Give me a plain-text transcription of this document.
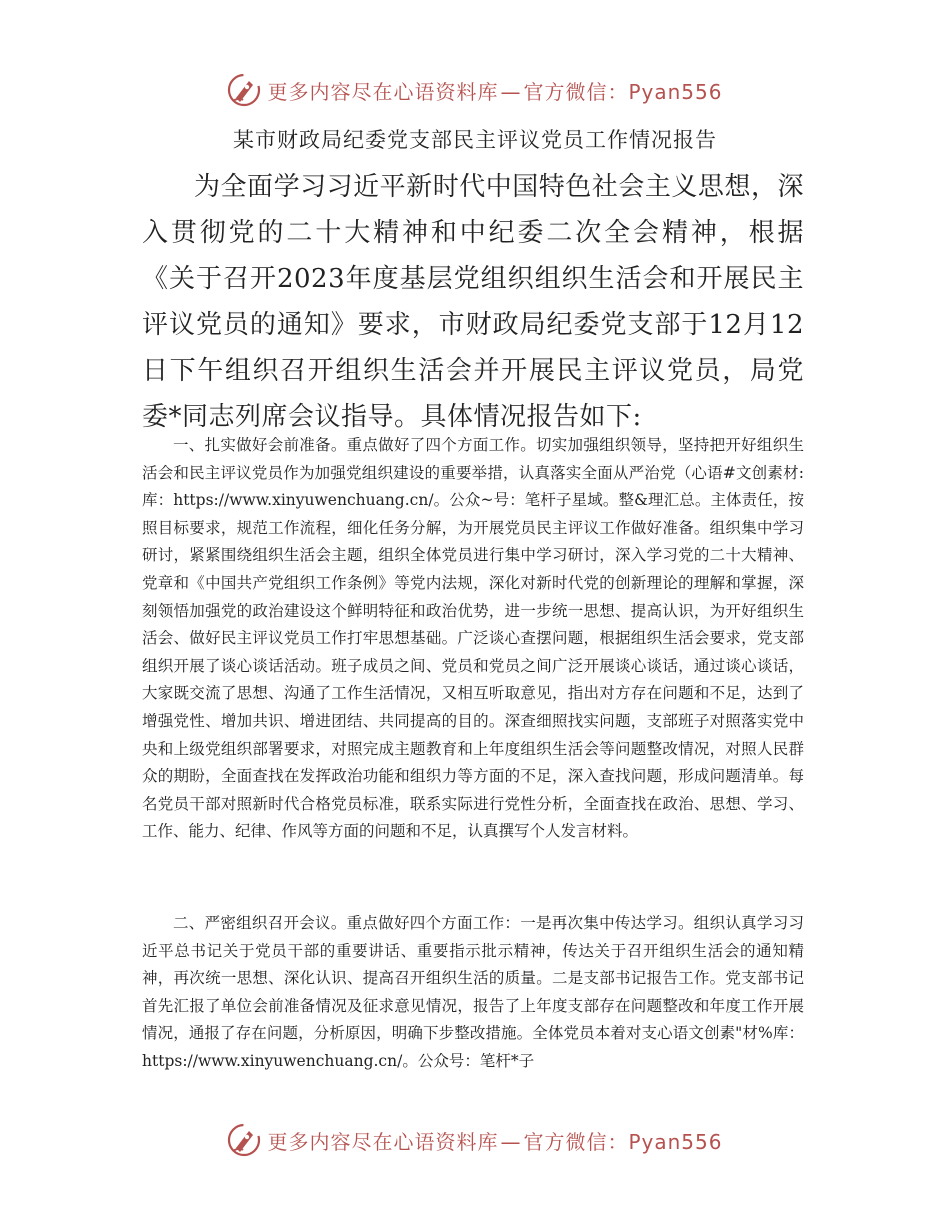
更多内容尽在心语资料库 — 官方微信：Pyan556
某市财政局纪委党支部民主评议党员工作情况报告
为全面学习习近平新时代中国特色社会主义思想，深入贯彻党的二十大精神和中纪委二次全会精神，根据《关于召开2023年度基层党组织组织生活会和开展民主评议党员的通知》要求，市财政局纪委党支部于12月12日下午组织召开组织生活会并开展民主评议党员，局党委*同志列席会议指导。具体情况报告如下:

一、扎实做好会前准备。重点做好了四个方面工作。切实加强组织领导，坚持把开好组织生活会和民主评议党员作为加强党组织建设的重要举措，认真落实全面从严治党（心语#文创素材:库：https://www.xinyuwenchuang.cn/。公众~号：笔杆子星域。整&理汇总。主体责任，按照目标要求，规范工作流程，细化任务分解，为开展党员民主评议工作做好准备。组织集中学习研讨，紧紧围绕组织生活会主题，组织全体党员进行集中学习研讨，深入学习党的二十大精神、党章和《中国共产党组织工作条例》等党内法规，深化对新时代党的创新理论的理解和掌握，深刻领悟加强党的政治建设这个鲜明特征和政治优势，进一步统一思想、提高认识，为开好组织生活会、做好民主评议党员工作打牢思想基础。广泛谈心查摆问题，根据组织生活会要求，党支部组织开展了谈心谈话活动。班子成员之间、党员和党员之间广泛开展谈心谈话，通过谈心谈话，大家既交流了思想、沟通了工作生活情况，又相互听取意见，指出对方存在问题和不足，达到了增强党性、增加共识、增进团结、共同提高的目的。深查细照找实问题，支部班子对照落实党中央和上级党组织部署要求，对照完成主题教育和上年度组织生活会等问题整改情况，对照人民群众的期盼，全面查找在发挥政治功能和组织力等方面的不足，深入查找问题，形成问题清单。每名党员干部对照新时代合格党员标准，联系实际进行党性分析，全面查找在政治、思想、学习、工作、能力、纪律、作风等方面的问题和不足，认真撰写个人发言材料。

二、严密组织召开会议。重点做好四个方面工作：一是再次集中传达学习。组织认真学习习近平总书记关于党员干部的重要讲话、重要指示批示精神，传达关于召开组织生活会的通知精神，再次统一思想、深化认识、提高召开组织生活的质量。二是支部书记报告工作。党支部书记首先汇报了单位会前准备情况及征求意见情况，报告了上年度支部存在问题整改和年度工作开展情况，通报了存在问题，分析原因，明确下步整改措施。全体党员本着对支心语文创素"材%库：https://www.xinyuwenchuang.cn/。公众号：笔杆*子

更多内容尽在心语资料库 — 官方微信：Pyan556
